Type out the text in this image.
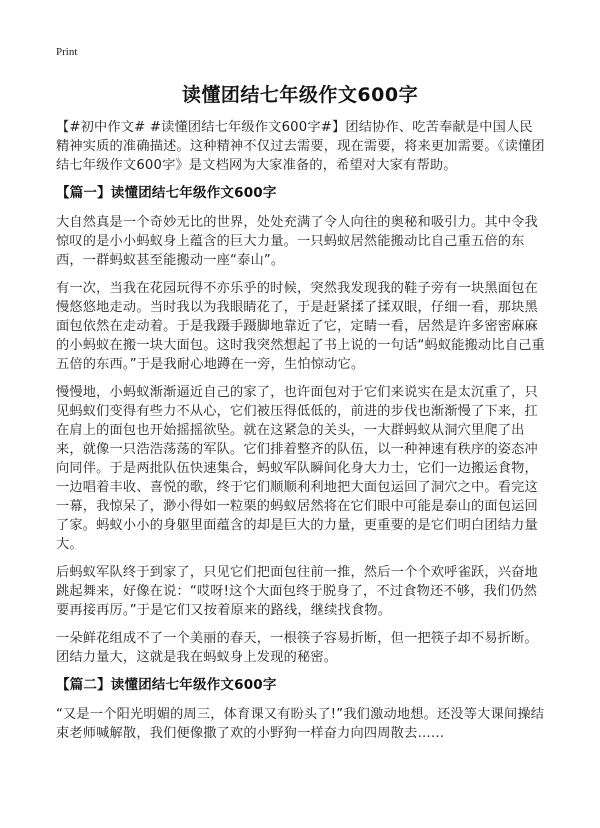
Print
读懂团结七年级作文600字

【#初中作文# #读懂团结七年级作文600字#】团结协作、吃苦奉献是中国人民精神实质的准确描述。这种精神不仅过去需要，现在需要，将来更加需要。《读懂团结七年级作文600字》是文档网为大家准备的，希望对大家有帮助。

【篇一】读懂团结七年级作文600字

大自然真是一个奇妙无比的世界，处处充满了令人向往的奥秘和吸引力。其中令我惊叹的是小小蚂蚁身上蕴含的巨大力量。一只蚂蚁居然能搬动比自己重五倍的东西，一群蚂蚁甚至能搬动一座“泰山”。

有一次，当我在花园玩得不亦乐乎的时候，突然我发现我的鞋子旁有一块黑面包在慢悠悠地走动。当时我以为我眼睛花了，于是赶紧揉了揉双眼，仔细一看，那块黑面包依然在走动着。于是我蹑手蹑脚地靠近了它，定睛一看，居然是许多密密麻麻的小蚂蚁在搬一块大面包。这时我突然想起了书上说的一句话“蚂蚁能搬动比自己重五倍的东西。”于是我耐心地蹲在一旁，生怕惊动它。

慢慢地，小蚂蚁渐渐逼近自己的家了，也许面包对于它们来说实在是太沉重了，只见蚂蚁们变得有些力不从心，它们被压得低低的，前进的步伐也渐渐慢了下来，扛在肩上的面包也开始摇摇欲坠。就在这紧急的关头，一大群蚂蚁从洞穴里爬了出来，就像一只浩浩荡荡的军队。它们排着整齐的队伍，以一种神速有秩序的姿态冲向同伴。于是两批队伍快速集合，蚂蚁军队瞬间化身大力士，它们一边搬运食物，一边唱着丰收、喜悦的歌，终于它们顺顺利利地把大面包运回了洞穴之中。看完这一幕，我惊呆了，渺小得如一粒栗的蚂蚁居然将在它们眼中可能是泰山的面包运回了家。蚂蚁小小的身躯里面蕴含的却是巨大的力量，更重要的是它们明白团结力量大。

后蚂蚁军队终于到家了，只见它们把面包往前一推，然后一个个欢呼雀跃，兴奋地跳起舞来，好像在说：“哎呀!这个大面包终于脱身了，不过食物还不够，我们仍然要再接再厉。”于是它们又按着原来的路线，继续找食物。

一朵鲜花组成不了一个美丽的春天，一根筷子容易折断，但一把筷子却不易折断。团结力量大，这就是我在蚂蚁身上发现的秘密。

【篇二】读懂团结七年级作文600字

“又是一个阳光明媚的周三，体育课又有盼头了!”我们激动地想。还没等大课间操结束老师喊解散，我们便像撒了欢的小野狗一样奋力向四周散去……
